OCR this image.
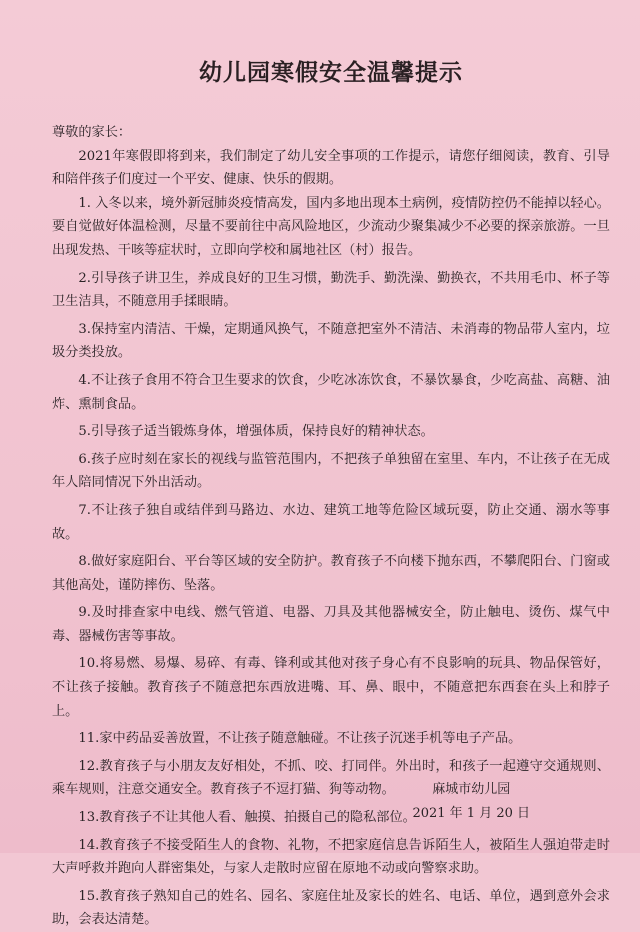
幼儿园寒假安全温馨提示

尊敬的家长：

2021年寒假即将到来，我们制定了幼儿安全事项的工作提示，请您仔细阅读，教育、引导和陪伴孩子们度过一个平安、健康、快乐的假期。

1. 入冬以来，境外新冠肺炎疫情高发，国内多地出现本土病例，疫情防控仍不能掉以轻心。要自觉做好体温检测，尽量不要前往中高风险地区，少流动少聚集减少不必要的探亲旅游。一旦出现发热、干咳等症状时，立即向学校和属地社区（村）报告。

2.引导孩子讲卫生，养成良好的卫生习惯，勤洗手、勤洗澡、勤换衣，不共用毛巾、杯子等卫生洁具，不随意用手揉眼睛。

3.保持室内清洁、干燥，定期通风换气，不随意把室外不清洁、未消毒的物品带人室内，垃圾分类投放。

4.不让孩子食用不符合卫生要求的饮食，少吃冰冻饮食，不暴饮暴食，少吃高盐、高糖、油炸、熏制食品。

5.引导孩子适当锻炼身体，增强体质，保持良好的精神状态。

6.孩子应时刻在家长的视线与监管范围内，不把孩子单独留在室里、车内，不让孩子在无成年人陪同情况下外出活动。

7.不让孩子独自或结伴到马路边、水边、建筑工地等危险区域玩耍，防止交通、溺水等事故。

8.做好家庭阳台、平台等区域的安全防护。教育孩子不向楼下抛东西，不攀爬阳台、门窗或其他高处，谨防摔伤、坠落。

9.及时排查家中电线、燃气管道、电器、刀具及其他器械安全，防止触电、烫伤、煤气中毒、器械伤害等事故。

10.将易燃、易爆、易碎、有毒、锋利或其他对孩子身心有不良影响的玩具、物品保管好，不让孩子接触。教育孩子不随意把东西放进嘴、耳、鼻、眼中，不随意把东西套在头上和脖子上。

11.家中药品妥善放置，不让孩子随意触碰。不让孩子沉迷手机等电子产品。

12.教育孩子与小朋友友好相处，不抓、咬、打同伴。外出时，和孩子一起遵守交通规则、乘车规则，注意交通安全。教育孩子不逗打猫、狗等动物。

13.教育孩子不让其他人看、触摸、拍摄自己的隐私部位。

14.教育孩子不接受陌生人的食物、礼物，不把家庭信息告诉陌生人，被陌生人强迫带走时大声呼救并跑向人群密集处，与家人走散时应留在原地不动或向警察求助。

15.教育孩子熟知自己的姓名、园名、家庭住址及家长的姓名、电话、单位，遇到意外会求助，会表达清楚。

麻城市幼儿园
2021 年 1 月 20 日
